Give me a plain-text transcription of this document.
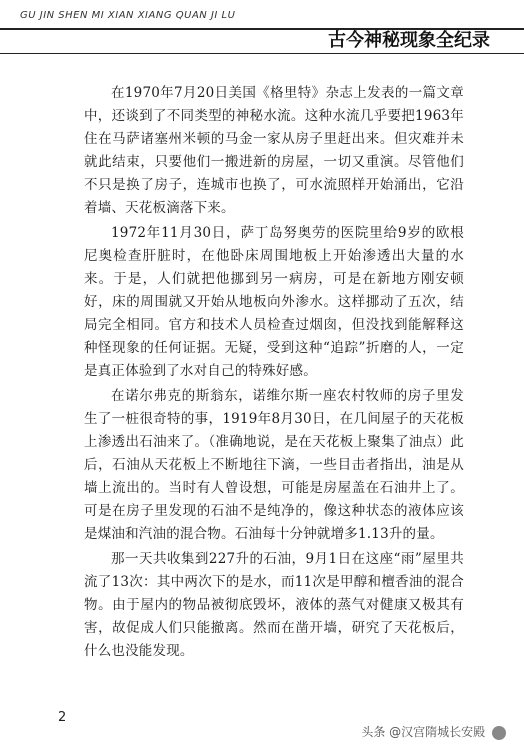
GU JIN SHEN MI XIAN XIANG QUAN JI LU
古今神秘现象全纪录

在1970年7月20日美国《格里特》杂志上发表的一篇文章中，还谈到了不同类型的神秘水流。这种水流几乎要把1963年住在马萨诸塞州米顿的马金一家从房子里赶出来。但灾难并未就此结束，只要他们一搬进新的房屋，一切又重演。尽管他们不只是换了房子，连城市也换了，可水流照样开始涌出，它沿着墙、天花板滴落下来。

1972年11月30日，萨丁岛努奥劳的医院里给9岁的欧根尼奥检查肝脏时，在他卧床周围地板上开始渗透出大量的水来。于是，人们就把他挪到另一病房，可是在新地方刚安顿好，床的周围就又开始从地板向外渗水。这样挪动了五次，结局完全相同。官方和技术人员检查过烟囱，但没找到能解释这种怪现象的任何证据。无疑，受到这种“追踪”折磨的人，一定是真正体验到了水对自己的特殊好感。

在诺尔弗克的斯翁东，诺维尔斯一座农村牧师的房子里发生了一桩很奇特的事，1919年8月30日，在几间屋子的天花板上渗透出石油来了。（准确地说，是在天花板上聚集了油点）此后，石油从天花板上不断地往下滴，一些目击者指出，油是从墙上流出的。当时有人曾设想，可能是房屋盖在石油井上了。可是在房子里发现的石油不是纯净的，像这种状态的液体应该是煤油和汽油的混合物。石油每十分钟就增多1.13升的量。

那一天共收集到227升的石油，9月1日在这座“雨”屋里共流了13次：其中两次下的是水，而11次是甲醇和檀香油的混合物。由于屋内的物品被彻底毁坏，液体的蒸气对健康又极其有害，故促成人们只能撤离。然而在凿开墙，研究了天花板后，什么也没能发现。

2
头条 @汉宫隋城长安殿
